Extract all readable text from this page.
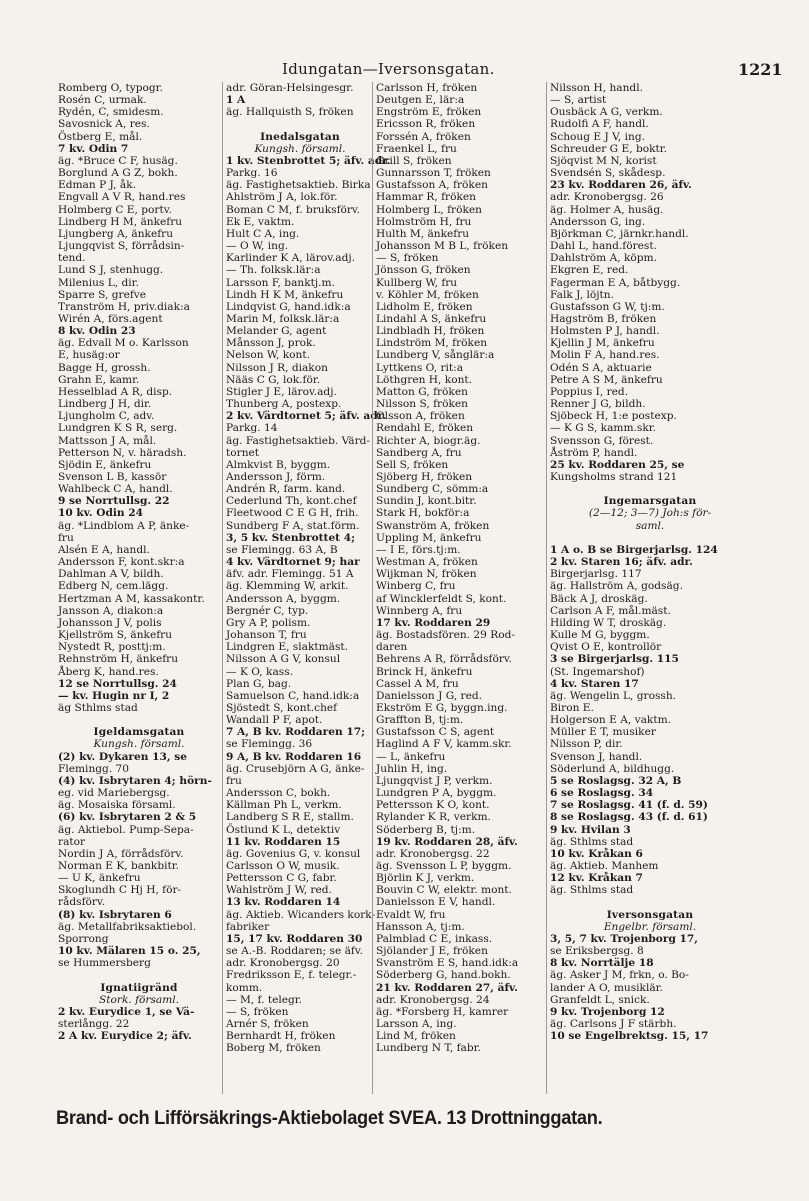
Idungatan—Iversonsgatan.	1221
Romberg O, typogr.
Rosén C, urmak.
Rydén, C, smidesm.
Savosnick A, res.
Östberg E, mål.
7 kv. Odin 7
äg. *Bruce C F, husäg.
Borglund A G Z, bokh.
Edman P J, åk.
Engvall A V R, hand.res
Holmberg C E, portv.
Lindberg H M, änkefru
Ljungberg A, änkefru
Ljungqvist S, förrådsin-
tend.
Lund S J, stenhugg.
Milenius L, dir.
Sparre S, grefve
Tranström H, priv.diak:a
Wirén A, förs.agent
8 kv. Odin 23
äg. Edvall M o. Karlsson
E, husäg:or
Bagge H, grossh.
Grahn E, kamr.
Hesselblad A R, disp.
Lindberg J H, dir.
Ljungholm C, adv.
Lundgren K S R, serg.
Mattsson J A, mål.
Petterson N, v. häradsh.
Sjödin E, änkefru
Svenson L B, kassör
Wahlbeck C A, handl.
9 se Norrtullsg. 22
10 kv. Odin 24
äg. *Lindblom A P, änke-
fru
Alsén E A, handl.
Andersson F, kont.skr:a
Dahlman A V, bildh.
Edberg N, cem.lägg.
Hertzman A M, kassakontr.
Jansson A, diakon:a
Johansson J V, polis
Kjellström S, änkefru
Nystedt R, posttj:m.
Rehnström H, änkefru
Åberg K, hand.res.
12 se Norrtullsg. 24
— kv. Hugin nr I, 2
äg Sthlms stad

Igeldamsgatan
Kungsh. församl.
(2) kv. Dykaren 13, se
Flemingg. 70
(4) kv. Isbrytaren 4; hörn-
eg. vid Mariebergsg.
äg. Mosaiska församl.
(6) kv. Isbrytaren 2 & 5
äg. Aktiebol. Pump-Sepa-
rator
Nordin J A, förrådsförv.
Norman E K, bankbitr.
— U K, änkefru
Skoglundh C Hj H, för-
rådsförv.
(8) kv. Isbrytaren 6
äg. Metallfabriksaktiebol.
Sporrong
10 kv. Mälaren 15 o. 25,
se Hummersberg

Ignatiigränd
Stork. församl.
2 kv. Eurydice 1, se Vä-
sterlångg. 22
2 A kv. Eurydice 2; äfv.
adr. Göran-Helsingesgr.
1 A
äg. Hallquisth S, fröken

Inedalsgatan
Kungsh. församl.
1 kv. Stenbrottet 5; äfv. adr.
Parkg. 16
äg. Fastighetsaktieb. Birka
Ahlström J A, lok.för.
Boman C M, f. bruksförv.
Ek E, vaktm.
Hult C A, ing.
— O W, ing.
Karlinder K A, lärov.adj.
— Th. folksk.lär:a
Larsson F, banktj.m.
Lindh H K M, änkefru
Lindqvist G, hand.idk:a
Marin M, folksk.lär:a
Melander G, agent
Månsson J, prok.
Nelson W, kont.
Nilsson J R, diakon
Nääs C G, lok.för.
Stigler J E, lärov.adj.
Thunberg A, postexp.
2 kv. Värdtornet 5; äfv. adr.
Parkg. 14
äg. Fastighetsaktieb. Värd-
tornet
Almkvist B, byggm.
Andersson J, förm.
Andrén R, farm. kand.
Cederlund Th, kont.chef
Fleetwood C E G H, frih.
Sundberg F A, stat.förm.
3, 5 kv. Stenbrottet 4;
se Flemingg. 63 A, B
4 kv. Värdtornet 9; har
äfv. adr. Flemingg. 51 A
äg. Klemming W, arkit.
Andersson A, byggm.
Bergnér C, typ.
Gry A P, polism.
Johanson T, fru
Lindgren E, slaktmäst.
Nilsson A G V, konsul
— K O, kass.
Plan G, bag.
Samuelson C, hand.idk:a
Sjöstedt S, kont.chef
Wandall P F, apot.
7 A, B kv. Roddaren 17;
se Flemingg. 36
9 A, B kv. Roddaren 16
äg. Crusebjörn A G, änke-
fru
Andersson C, bokh.
Källman Ph L, verkm.
Landberg S R E, stallm.
Östlund K L, detektiv
11 kv. Roddaren 15
äg. Govenius G, v. konsul
Carlsson O W, musik.
Pettersson C G, fabr.
Wahlström J W, red.
13 kv. Roddaren 14
äg. Aktieb. Wicanders kork-
fabriker
15, 17 kv. Roddaren 30
se A.-B. Roddaren; se äfv.
adr. Kronobergsg. 20
Fredriksson E, f. telegr.-
komm.
— M, f. telegr.
— S, fröken
Arnér S, fröken
Bernhardt H, fröken
Boberg M, fröken
Carlsson H, fröken
Deutgen E, lär:a
Engström E, fröken
Ericsson R, fröken
Forssén A, fröken
Fraenkel L, fru
Grill S, fröken
Gunnarsson T, fröken
Gustafsson A, fröken
Hammar R, fröken
Holmberg L, fröken
Holmström H, fru
Hulth M, änkefru
Johansson M B L, fröken
— S, fröken
Jönsson G, fröken
Kullberg W, fru
v. Köhler M, fröken
Lidholm E, fröken
Lindahl A S, änkefru
Lindbladh H, fröken
Lindström M, fröken
Lundberg V, sånglär:a
Lyttkens O, rit:a
Löthgren H, kont.
Matton G, fröken
Nilsson S, fröken
Olsson A, fröken
Rendahl E, fröken
Richter A, biogr.äg.
Sandberg A, fru
Sell S, fröken
Sjöberg H, fröken
Sundberg C, sömm:a
Sundin J, kont.bitr.
Stark H, bokför:a
Swanström A, fröken
Uppling M, änkefru
— I E, förs.tj:m.
Westman A, fröken
Wijkman N, fröken
Winberg C, fru
af Wincklerfeldt S, kont.
Winnberg A, fru
17 kv. Roddaren 29
äg. Bostadsfören. 29 Rod-
daren
Behrens A R, förrådsförv.
Brinck H, änkefru
Cassel A M, fru
Danielsson J G, red.
Ekström E G, byggn.ing.
Graffton B, tj:m.
Gustafsson C S, agent
Haglind A F V, kamm.skr.
— L, änkefru
Juhlin H, ing.
Ljungqvist J P, verkm.
Lundgren P A, byggm.
Pettersson K O, kont.
Rylander K R, verkm.
Söderberg B, tj:m.
19 kv. Roddaren 28, äfv.
adr. Kronobergsg. 22
äg. Svensson L P, byggm.
Björlin K J, verkm.
Bouvin C W, elektr. mont.
Danielsson E V, handl.
Evaldt W, fru
Hansson A, tj:m.
Palmblad C E, inkass.
Sjölander J E, fröken
Svanström E S, hand.idk:a
Söderberg G, hand.bokh.
21 kv. Roddaren 27, äfv.
adr. Kronobergsg. 24
äg. *Forsberg H, kamrer
Larsson A, ing.
Lind M, fröken
Lundberg N T, fabr.
Nilsson H, handl.
— S, artist
Ousbäck A G, verkm.
Rudolfi A F, handl.
Schoug E J V, ing.
Schreuder G E, boktr.
Sjöqvist M N, korist
Svendsén S, skådesp.
23 kv. Roddaren 26, äfv.
adr. Kronobergsg. 26
äg. Holmer A, husäg.
Andersson G, ing.
Björkman C, järnkr.handl.
Dahl L, hand.förest.
Dahlström A, köpm.
Ekgren E, red.
Fagerman E A, båtbygg.
Falk J, löjtn.
Gustafsson G W, tj:m.
Hagström B, fröken
Holmsten P J, handl.
Kjellin J M, änkefru
Molin F A, hand.res.
Odén S A, aktuarie
Petre A S M, änkefru
Poppius I, red.
Renner J G, bildh.
Sjöbeck H, 1:e postexp.
— K G S, kamm.skr.
Svensson G, förest.
Åström P, handl.
25 kv. Roddaren 25, se
Kungsholms strand 121

Ingemarsgatan
(2—12; 3—7) Joh:s för-
saml.

1 A o. B se Birgerjarlsg. 124
2 kv. Staren 16; äfv. adr.
Birgerjarlsg. 117
äg. Hallström A, godsäg.
Bäck A J, droskäg.
Carlson A F, mål.mäst.
Hilding W T, droskäg.
Kulle M G, byggm.
Qvist O E, kontrollör
3 se Birgerjarlsg. 115
(St. Ingemarshof)
4 kv. Staren 17
äg. Wengelin L, grossh.
Biron E.
Holgerson E A, vaktm.
Müller E T, musiker
Nilsson P, dir.
Svenson J, handl.
Söderlund A, bildhugg.
5 se Roslagsg. 32 A, B
6 se Roslagsg. 34
7 se Roslagsg. 41 (f. d. 59)
8 se Roslagsg. 43 (f. d. 61)
9 kv. Hvilan 3
äg. Sthlms stad
10 kv. Kråkan 6
äg. Aktieb. Manhem
12 kv. Kråkan 7
äg. Sthlms stad

Iversonsgatan
Engelbr. församl.
3, 5, 7 kv. Trojenborg 17,
se Eriksbergsg. 8
8 kv. Norrtälje 18
äg. Asker J M, frkn, o. Bo-
lander A O, musiklär.
Granfeldt L, snick.
9 kv. Trojenborg 12
äg. Carlsons J F stärbh.
10 se Engelbrektsg. 15, 17
Brand- och Lifförsäkrings-Aktiebolaget SVEA. 13 Drottninggatan.
